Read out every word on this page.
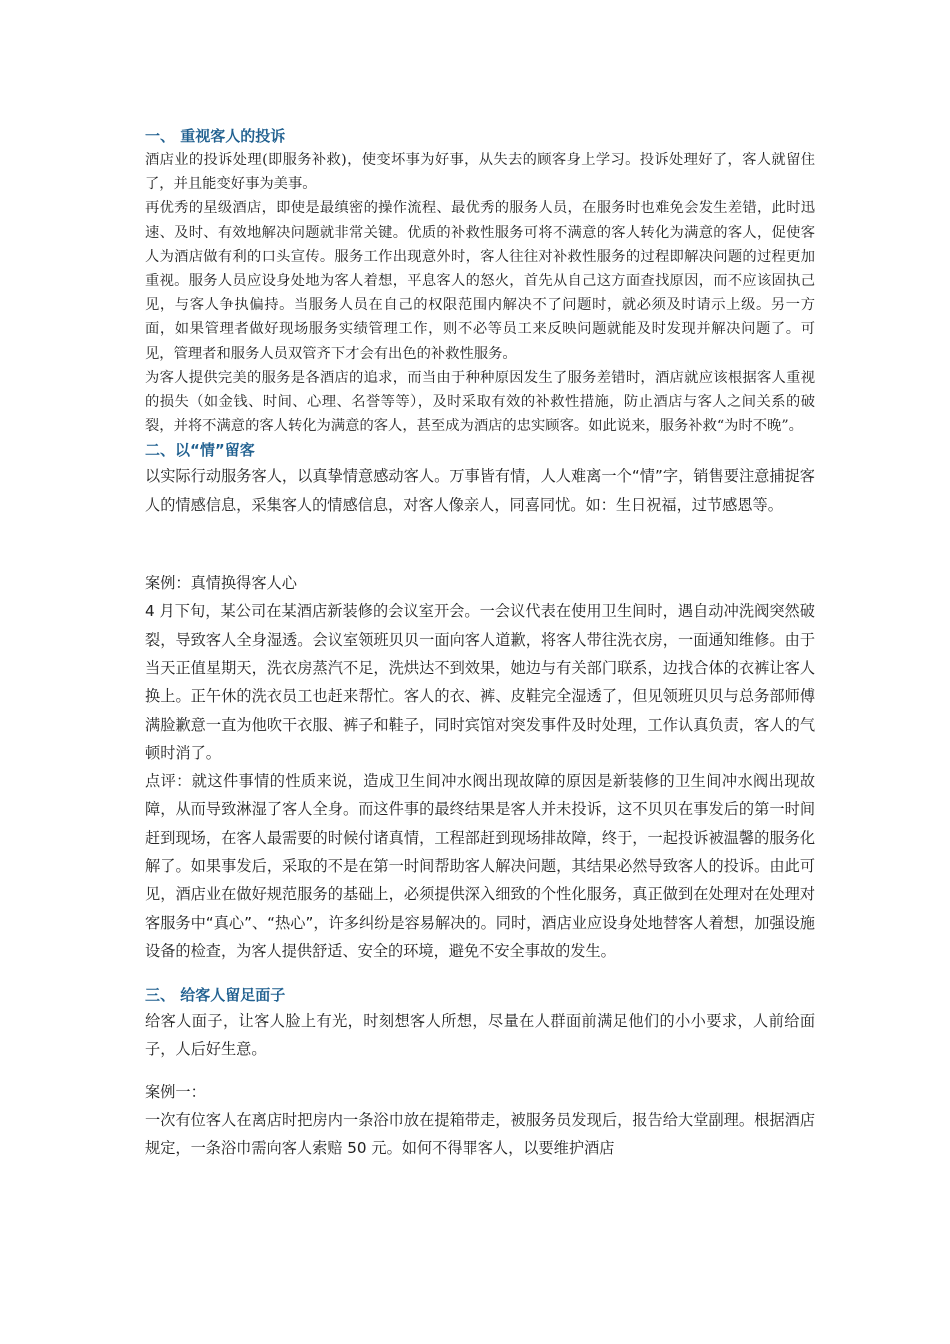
一、 重视客人的投诉

酒店业的投诉处理(即服务补救)，使变坏事为好事，从失去的顾客身上学习。投诉处理好了，客人就留住了，并且能变好事为美事。

再优秀的星级酒店，即使是最缜密的操作流程、最优秀的服务人员，在服务时也难免会发生差错，此时迅速、及时、有效地解决问题就非常关键。优质的补救性服务可将不满意的客人转化为满意的客人，促使客人为酒店做有利的口头宣传。服务工作出现意外时，客人往往对补救性服务的过程即解决问题的过程更加重视。服务人员应设身处地为客人着想，平息客人的怒火，首先从自己这方面查找原因，而不应该固执己见，与客人争执偏持。当服务人员在自己的权限范围内解决不了问题时，就必须及时请示上级。另一方面，如果管理者做好现场服务实绩管理工作，则不必等员工来反映问题就能及时发现并解决问题了。可见，管理者和服务人员双管齐下才会有出色的补救性服务。

为客人提供完美的服务是各酒店的追求，而当由于种种原因发生了服务差错时，酒店就应该根据客人重视的损失（如金钱、时间、心理、名誉等等），及时采取有效的补救性措施，防止酒店与客人之间关系的破裂，并将不满意的客人转化为满意的客人，甚至成为酒店的忠实顾客。如此说来，服务补救“为时不晚”。

二、以“情”留客

以实际行动服务客人，以真挚情意感动客人。万事皆有情，人人难离一个“情”字，销售要注意捕捉客人的情感信息，采集客人的情感信息，对客人像亲人，同喜同忧。如：生日祝福，过节感恩等。

案例：真情换得客人心

4 月下旬，某公司在某酒店新装修的会议室开会。一会议代表在使用卫生间时，遇自动冲洗阀突然破裂，导致客人全身湿透。会议室领班贝贝一面向客人道歉，将客人带往洗衣房，一面通知维修。由于当天正值星期天，洗衣房蒸汽不足，洗烘达不到效果，她边与有关部门联系，边找合体的衣裤让客人换上。正午休的洗衣员工也赶来帮忙。客人的衣、裤、皮鞋完全湿透了，但见领班贝贝与总务部师傅满脸歉意一直为他吹干衣服、裤子和鞋子，同时宾馆对突发事件及时处理，工作认真负责，客人的气顿时消了。

点评：就这件事情的性质来说，造成卫生间冲水阀出现故障的原因是新装修的卫生间冲水阀出现故障，从而导致淋湿了客人全身。而这件事的最终结果是客人并未投诉，这不贝贝在事发后的第一时间赶到现场，在客人最需要的时候付诸真情，工程部赶到现场排故障，终于，一起投诉被温馨的服务化解了。如果事发后，采取的不是在第一时间帮助客人解决问题，其结果必然导致客人的投诉。由此可见，酒店业在做好规范服务的基础上，必须提供深入细致的个性化服务，真正做到在处理对在处理对客服务中“真心”、“热心”，许多纠纷是容易解决的。同时，酒店业应设身处地替客人着想，加强设施设备的检查，为客人提供舒适、安全的环境，避免不安全事故的发生。

三、 给客人留足面子

给客人面子，让客人脸上有光，时刻想客人所想，尽量在人群面前满足他们的小小要求，人前给面子，人后好生意。

案例一：

一次有位客人在离店时把房内一条浴巾放在提箱带走，被服务员发现后，报告给大堂副理。根据酒店规定，一条浴巾需向客人索赔 50 元。如何不得罪客人，以要维护酒店
